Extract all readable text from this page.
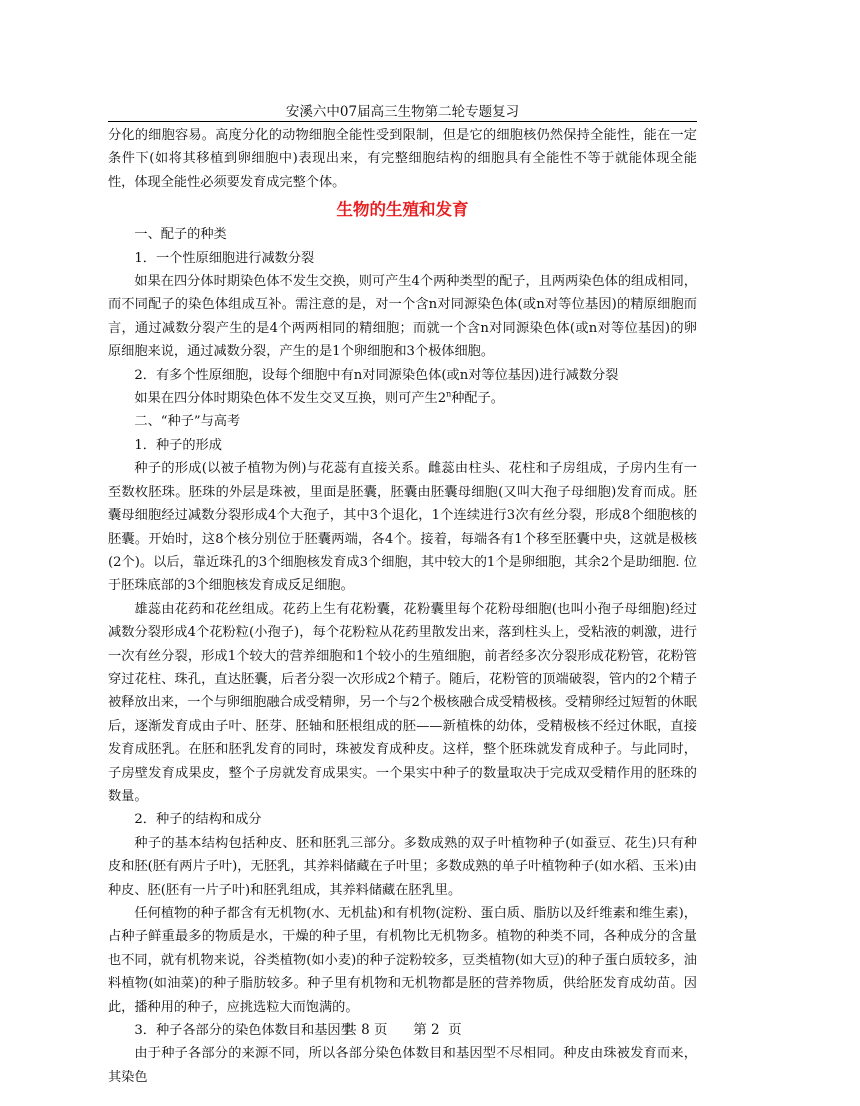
安溪六中07届高三生物第二轮专题复习

分化的细胞容易。高度分化的动物细胞全能性受到限制，但是它的细胞核仍然保持全能性，能在一定条件下(如将其移植到卵细胞中)表现出来，有完整细胞结构的细胞具有全能性不等于就能体现全能性，体现全能性必须要发育成完整个体。

生物的生殖和发育

一、配子的种类

1．一个性原细胞进行减数分裂

如果在四分体时期染色体不发生交换，则可产生4个两种类型的配子，且两两染色体的组成相同，而不同配子的染色体组成互补。需注意的是，对一个含n对同源染色体(或n对等位基因)的精原细胞而言，通过减数分裂产生的是4个两两相同的精细胞；而就一个含n对同源染色体(或n对等位基因)的卵原细胞来说，通过减数分裂，产生的是1个卵细胞和3个极体细胞。

2．有多个性原细胞，设每个细胞中有n对同源染色体(或n对等位基因)进行减数分裂

如果在四分体时期染色体不发生交叉互换，则可产生2$^n$种配子。

二、“种子”与高考

1．种子的形成

种子的形成(以被子植物为例)与花蕊有直接关系。雌蕊由柱头、花柱和子房组成，子房内生有一至数枚胚珠。胚珠的外层是珠被，里面是胚囊，胚囊由胚囊母细胞(又叫大孢子母细胞)发育而成。胚囊母细胞经过减数分裂形成4个大孢子，其中3个退化，1个连续进行3次有丝分裂，形成8个细胞核的胚囊。开始时，这8个核分别位于胚囊两端，各4个。接着，每端各有1个移至胚囊中央，这就是极核(2个)。以后，靠近珠孔的3个细胞核发育成3个细胞，其中较大的1个是卵细胞，其余2个是助细胞. 位于胚珠底部的3个细胞核发育成反足细胞。

雄蕊由花药和花丝组成。花药上生有花粉囊，花粉囊里每个花粉母细胞(也叫小孢子母细胞)经过减数分裂形成4个花粉粒(小孢子)，每个花粉粒从花药里散发出来，落到柱头上，受粘液的刺激，进行一次有丝分裂，形成1个较大的营养细胞和1个较小的生殖细胞，前者经多次分裂形成花粉管，花粉管穿过花柱、珠孔，直达胚囊，后者分裂一次形成2个精子。随后，花粉管的顶端破裂，管内的2个精子被释放出来，一个与卵细胞融合成受精卵，另一个与2个极核融合成受精极核。受精卵经过短暂的休眠后，逐渐发育成由子叶、胚芽、胚轴和胚根组成的胚——新植株的幼体，受精极核不经过休眠，直接发育成胚乳。在胚和胚乳发育的同时，珠被发育成种皮。这样，整个胚珠就发育成种子。与此同时，子房壁发育成果皮，整个子房就发育成果实。一个果实中种子的数量取决于完成双受精作用的胚珠的数量。

2．种子的结构和成分

种子的基本结构包括种皮、胚和胚乳三部分。多数成熟的双子叶植物种子(如蚕豆、花生)只有种皮和胚(胚有两片子叶)，无胚乳，其养料储藏在子叶里；多数成熟的单子叶植物种子(如水稻、玉米)由种皮、胚(胚有一片子叶)和胚乳组成，其养料储藏在胚乳里。

任何植物的种子都含有无机物(水、无机盐)和有机物(淀粉、蛋白质、脂肪以及纤维素和维生素)，占种子鲜重最多的物质是水，干燥的种子里，有机物比无机物多。植物的种类不同，各种成分的含量也不同，就有机物来说，谷类植物(如小麦)的种子淀粉较多，豆类植物(如大豆)的种子蛋白质较多，油料植物(如油菜)的种子脂肪较多。种子里有机物和无机物都是胚的营养物质，供给胚发育成幼苗。因此，播种用的种子，应挑选粒大而饱满的。

3．种子各部分的染色体数目和基因型

由于种子各部分的来源不同，所以各部分染色体数目和基因型不尽相同。种皮由珠被发育而来，其染色

共 8 页      第 2  页
